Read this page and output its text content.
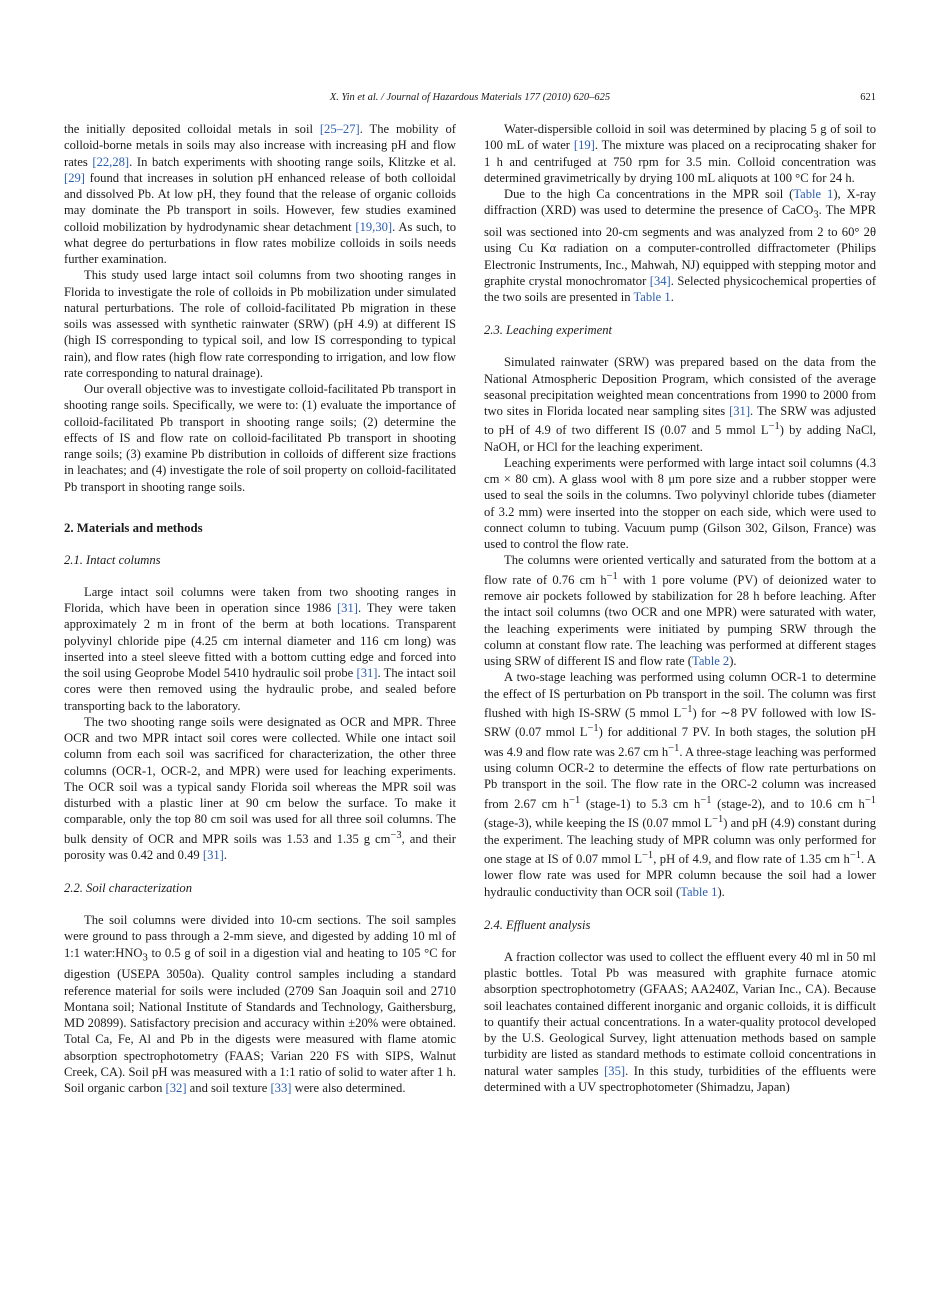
X. Yin et al. / Journal of Hazardous Materials 177 (2010) 620–625	621

the initially deposited colloidal metals in soil [25–27]. The mobility of colloid-borne metals in soils may also increase with increasing pH and flow rates [22,28]. In batch experiments with shooting range soils, Klitzke et al. [29] found that increases in solution pH enhanced release of both colloidal and dissolved Pb. At low pH, they found that the release of organic colloids may dominate the Pb transport in soils. However, few studies examined colloid mobilization by hydrodynamic shear detachment [19,30]. As such, to what degree do perturbations in flow rates mobilize colloids in soils needs further examination.

This study used large intact soil columns from two shooting ranges in Florida to investigate the role of colloids in Pb mobilization under simulated natural perturbations. The role of colloid-facilitated Pb migration in these soils was assessed with synthetic rainwater (SRW) (pH 4.9) at different IS (high IS corresponding to typical soil, and low IS corresponding to typical rain), and flow rates (high flow rate corresponding to irrigation, and low flow rate corresponding to natural drainage).

Our overall objective was to investigate colloid-facilitated Pb transport in shooting range soils. Specifically, we were to: (1) evaluate the importance of colloid-facilitated Pb transport in shooting range soils; (2) determine the effects of IS and flow rate on colloid-facilitated Pb transport in shooting range soils; (3) examine Pb distribution in colloids of different size fractions in leachates; and (4) investigate the role of soil property on colloid-facilitated Pb transport in shooting range soils.

2. Materials and methods
2.1. Intact columns

Large intact soil columns were taken from two shooting ranges in Florida, which have been in operation since 1986 [31]. They were taken approximately 2 m in front of the berm at both locations. Transparent polyvinyl chloride pipe (4.25 cm internal diameter and 116 cm long) was inserted into a steel sleeve fitted with a bottom cutting edge and forced into the soil using Geoprobe Model 5410 hydraulic soil probe [31]. The intact soil cores were then removed using the hydraulic probe, and sealed before transporting back to the laboratory.

The two shooting range soils were designated as OCR and MPR. Three OCR and two MPR intact soil cores were collected. While one intact soil column from each soil was sacrificed for characterization, the other three columns (OCR-1, OCR-2, and MPR) were used for leaching experiments. The OCR soil was a typical sandy Florida soil whereas the MPR soil was disturbed with a plastic liner at 90 cm below the surface. To make it comparable, only the top 80 cm soil was used for all three soil columns. The bulk density of OCR and MPR soils was 1.53 and 1.35 g $cm^{-3}$, and their porosity was 0.42 and 0.49 [31].

2.2. Soil characterization

The soil columns were divided into 10-cm sections. The soil samples were ground to pass through a 2-mm sieve, and digested by adding 10 ml of 1:1 $water:HNO_3$ to 0.5 g of soil in a digestion vial and heating to 105 °C for digestion (USEPA 3050a). Quality control samples including a standard reference material for soils were included (2709 San Joaquin soil and 2710 Montana soil; National Institute of Standards and Technology, Gaithersburg, MD 20899). Satisfactory precision and accuracy within ±20% were obtained. Total Ca, Fe, Al and Pb in the digests were measured with flame atomic absorption spectrophotometry (FAAS; Varian 220 FS with SIPS, Walnut Creek, CA). Soil pH was measured with a 1:1 ratio of solid to water after 1 h. Soil organic carbon [32] and soil texture [33] were also determined.

Water-dispersible colloid in soil was determined by placing 5 g of soil to 100 mL of water [19]. The mixture was placed on a reciprocating shaker for 1 h and centrifuged at 750 rpm for 3.5 min. Colloid concentration was determined gravimetrically by drying 100 mL aliquots at 100 °C for 24 h.

Due to the high Ca concentrations in the MPR soil (Table 1), X-ray diffraction (XRD) was used to determine the presence of CaCO$_3$. The MPR soil was sectioned into 20-cm segments and was analyzed from 2 to 60° 2θ using Cu Kα radiation on a computer-controlled diffractometer (Philips Electronic Instruments, Inc., Mahwah, NJ) equipped with stepping motor and graphite crystal monochromator [34]. Selected physicochemical properties of the two soils are presented in Table 1.

2.3. Leaching experiment

Simulated rainwater (SRW) was prepared based on the data from the National Atmospheric Deposition Program, which consisted of the average seasonal precipitation weighted mean concentrations from 1990 to 2000 from two sites in Florida located near sampling sites [31]. The SRW was adjusted to pH of 4.9 of two different IS (0.07 and 5 mmol $L^{-1}$) by adding NaCl, NaOH, or HCl for the leaching experiment.

Leaching experiments were performed with large intact soil columns (4.3 cm × 80 cm). A glass wool with 8 μm pore size and a rubber stopper were used to seal the soils in the columns. Two polyvinyl chloride tubes (diameter of 3.2 mm) were inserted into the stopper on each side, which were used to connect column to tubing. Vacuum pump (Gilson 302, Gilson, France) was used to control the flow rate.

The columns were oriented vertically and saturated from the bottom at a flow rate of 0.76 cm $h^{-1}$ with 1 pore volume (PV) of deionized water to remove air pockets followed by stabilization for 28 h before leaching. After the intact soil columns (two OCR and one MPR) were saturated with water, the leaching experiments were initiated by pumping SRW through the column at constant flow rate. The leaching was performed at different stages using SRW of different IS and flow rate (Table 2).

A two-stage leaching was performed using column OCR-1 to determine the effect of IS perturbation on Pb transport in the soil. The column was first flushed with high IS-SRW (5 mmol $L^{-1}$) for ∼8 PV followed with low IS-SRW (0.07 mmol $L^{-1}$) for additional 7 PV. In both stages, the solution pH was 4.9 and flow rate was 2.67 cm $h^{-1}$. A three-stage leaching was performed using column OCR-2 to determine the effects of flow rate perturbations on Pb transport in the soil. The flow rate in the ORC-2 column was increased from 2.67 cm $h^{-1}$ (stage-1) to 5.3 cm $h^{-1}$ (stage-2), and to 10.6 cm $h^{-1}$ (stage-3), while keeping the IS (0.07 mmol $L^{-1}$) and pH (4.9) constant during the experiment. The leaching study of MPR column was only performed for one stage at IS of 0.07 mmol $L^{-1}$, pH of 4.9, and flow rate of 1.35 cm $h^{-1}$. A lower flow rate was used for MPR column because the soil had a lower hydraulic conductivity than OCR soil (Table 1).

2.4. Effluent analysis

A fraction collector was used to collect the effluent every 40 ml in 50 ml plastic bottles. Total Pb was measured with graphite furnace atomic absorption spectrophotometry (GFAAS; AA240Z, Varian Inc., CA). Because soil leachates contained different inorganic and organic colloids, it is difficult to quantify their actual concentrations. In a water-quality protocol developed by the U.S. Geological Survey, light attenuation methods based on sample turbidity are listed as standard methods to estimate colloid concentrations in natural water samples [35]. In this study, turbidities of the effluents were determined with a UV spectrophotometer (Shimadzu, Japan)
